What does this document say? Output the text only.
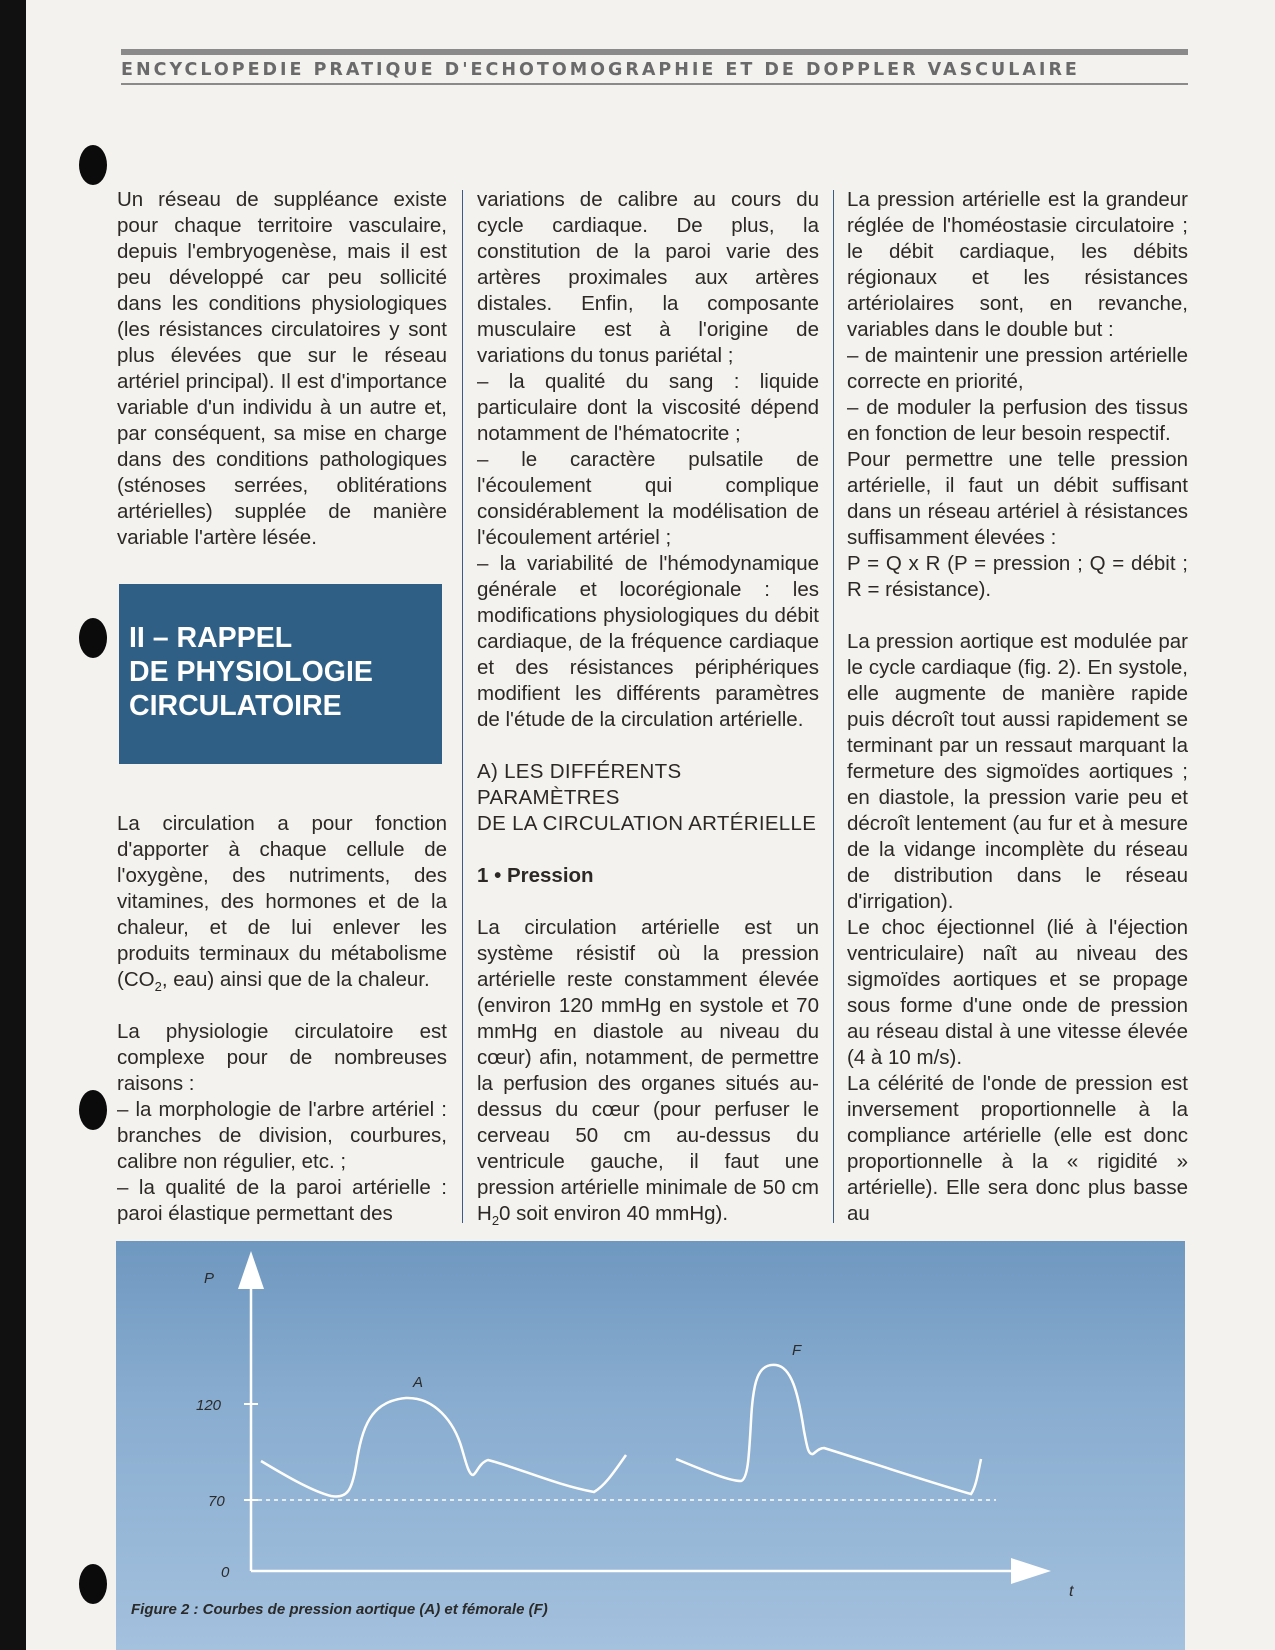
ENCYCLOPEDIE PRATIQUE D'ECHOTOMOGRAPHIE ET DE DOPPLER VASCULAIRE

Un réseau de suppléance existe pour chaque territoire vasculaire, depuis l'embryogenèse, mais il est peu développé car peu sollicité dans les conditions physiologiques (les résistances circulatoires y sont plus élevées que sur le réseau artériel principal). Il est d'importance variable d'un individu à un autre et, par conséquent, sa mise en charge dans des conditions pathologiques (sténoses serrées, oblitérations artérielles) supplée de manière variable l'artère lésée.

II – RAPPEL
DE PHYSIOLOGIE
CIRCULATOIRE

La circulation a pour fonction d'apporter à chaque cellule de l'oxygène, des nutriments, des vitamines, des hormones et de la chaleur, et de lui enlever les produits terminaux du métabolisme ($CO_2$, eau) ainsi que de la chaleur.

La physiologie circulatoire est complexe pour de nombreuses raisons :

– la morphologie de l'arbre artériel : branches de division, courbures, calibre non régulier, etc. ;

– la qualité de la paroi artérielle : paroi élastique permettant des

variations de calibre au cours du cycle cardiaque. De plus, la constitution de la paroi varie des artères proximales aux artères distales. Enfin, la composante musculaire est à l'origine de variations du tonus pariétal ;

– la qualité du sang : liquide particulaire dont la viscosité dépend notamment de l'hématocrite ;

– le caractère pulsatile de l'écoulement qui complique considérablement la modélisation de l'écoulement artériel ;

– la variabilité de l'hémodynamique générale et locorégionale : les modifications physiologiques du débit cardiaque, de la fréquence cardiaque et des résistances périphériques modifient les différents paramètres de l'étude de la circulation artérielle.

A) LES DIFFÉRENTS PARAMÈTRES
DE LA CIRCULATION ARTÉRIELLE

1 • Pression

La circulation artérielle est un système résistif où la pression artérielle reste constamment élevée (environ 120 mmHg en systole et 70 mmHg en diastole au niveau du cœur) afin, notamment, de permettre la perfusion des organes situés au-dessus du cœur (pour perfuser le cerveau 50 cm au-dessus du ventricule gauche, il faut une pression artérielle minimale de 50 cm $H_20$ soit environ 40 mmHg).

La pression artérielle est la grandeur réglée de l'homéostasie circulatoire ; le débit cardiaque, les débits régionaux et les résistances artériolaires sont, en revanche, variables dans le double but :

– de maintenir une pression artérielle correcte en priorité,

– de moduler la perfusion des tissus en fonction de leur besoin respectif.

Pour permettre une telle pression artérielle, il faut un débit suffisant dans un réseau artériel à résistances suffisamment élevées :

P = Q x R (P = pression ; Q = débit ; R = résistance).

La pression aortique est modulée par le cycle cardiaque (fig. 2). En systole, elle augmente de manière rapide puis décroît tout aussi rapidement se terminant par un ressaut marquant la fermeture des sigmoïdes aortiques ; en diastole, la pression varie peu et décroît lentement (au fur et à mesure de la vidange incomplète du réseau de distribution dans le réseau d'irrigation).

Le choc éjectionnel (lié à l'éjection ventriculaire) naît au niveau des sigmoïdes aortiques et se propage sous forme d'une onde de pression au réseau distal à une vitesse élevée (4 à 10 m/s).

La célérité de l'onde de pression est inversement proportionnelle à la compliance artérielle (elle est donc proportionnelle à la « rigidité » artérielle). Elle sera donc plus basse au

P
120
70
0
A
F
t
Figure 2 : Courbes de pression aortique (A) et fémorale (F)
